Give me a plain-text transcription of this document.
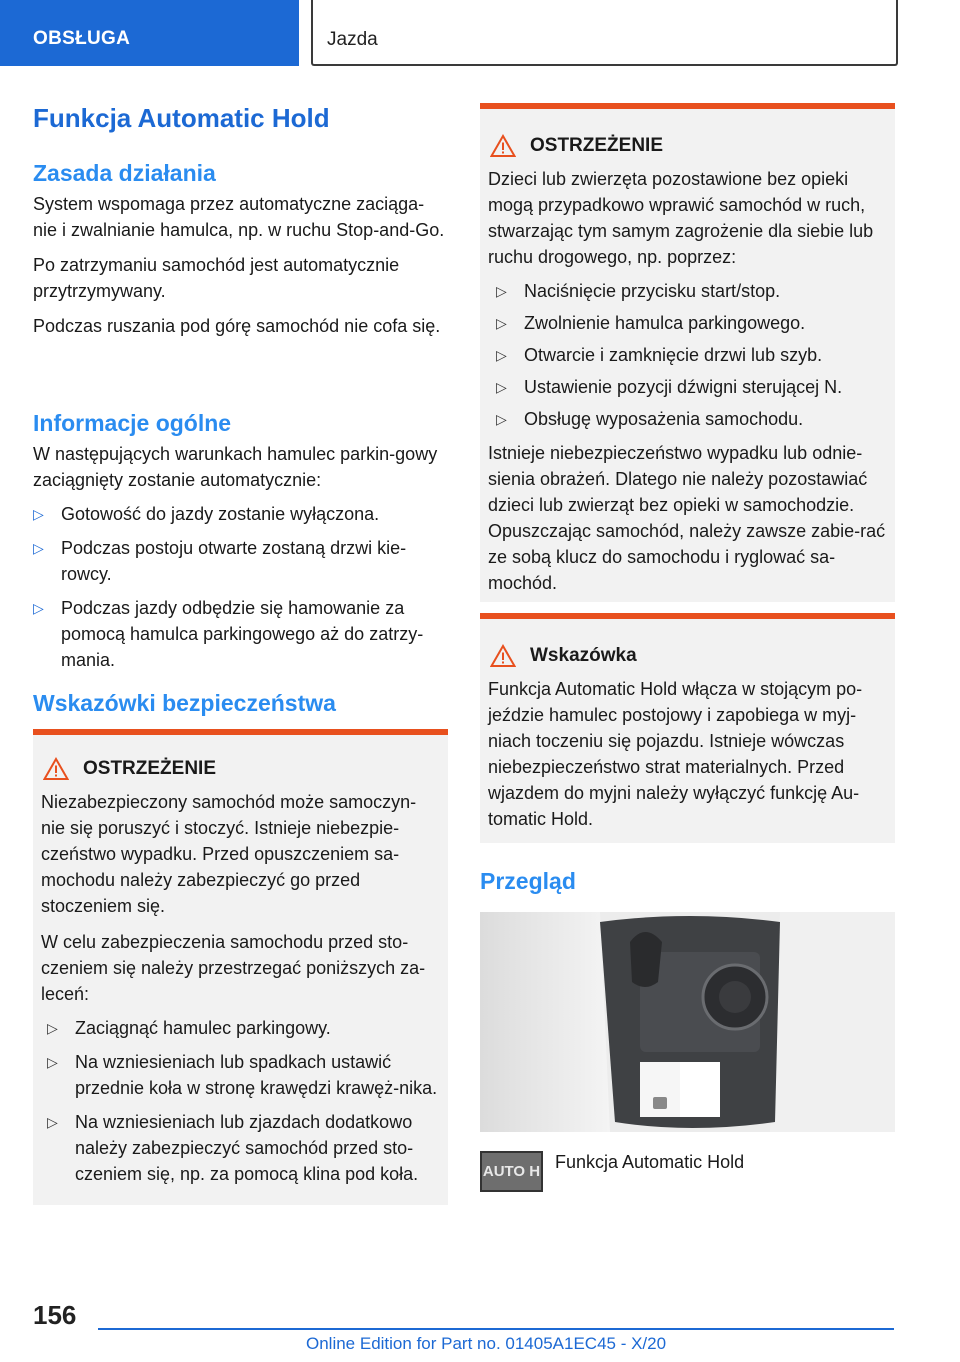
OBSŁUGA	Jazda
Funkcja Automatic Hold
Zasada działania

System wspomaga przez automatyczne zaciąga-nie i zwalnianie hamulca, np. w ruchu Stop-and-Go.

Po zatrzymaniu samochód jest automatycznie przytrzymywany.

Podczas ruszania pod górę samochód nie cofa się.

Informacje ogólne

W następujących warunkach hamulec parkin-gowy zaciągnięty zostanie automatycznie:

▷ Gotowość do jazdy zostanie wyłączona.
▷ Podczas postoju otwarte zostaną drzwi kie-rowcy.
▷ Podczas jazdy odbędzie się hamowanie za pomocą hamulca parkingowego aż do zatrzy-mania.
Wskazówki bezpieczeństwa
OSTRZEŻENIE

Niezabezpieczony samochód może samoczyn-nie się poruszyć i stoczyć. Istnieje niebezpie-czeństwo wypadku. Przed opuszczeniem sa-mochodu należy zabezpieczyć go przed stoczeniem się.

W celu zabezpieczenia samochodu przed sto-czeniem się należy przestrzegać poniższych za-leceń:

▷ Zaciągnąć hamulec parkingowy.
▷ Na wzniesieniach lub spadkach ustawić przednie koła w stronę krawędzi krawęż-nika.
▷ Na wzniesieniach lub zjazdach dodatkowo należy zabezpieczyć samochód przed sto-czeniem się, np. za pomocą klina pod koła.
OSTRZEŻENIE

Dzieci lub zwierzęta pozostawione bez opieki mogą przypadkowo wprawić samochód w ruch, stwarzając tym samym zagrożenie dla siebie lub ruchu drogowego, np. poprzez:

▷ Naciśnięcie przycisku start/stop.
▷ Zwolnienie hamulca parkingowego.
▷ Otwarcie i zamknięcie drzwi lub szyb.
▷ Ustawienie pozycji dźwigni sterującej N.
▷ Obsługę wyposażenia samochodu.

Istnieje niebezpieczeństwo wypadku lub odnie-sienia obrażeń. Dlatego nie należy pozostawiać dzieci lub zwierząt bez opieki w samochodzie. Opuszczając samochód, należy zawsze zabie-rać ze sobą klucz do samochodu i ryglować sa-mochód.

Wskazówka

Funkcja Automatic Hold włącza w stojącym po-jeździe hamulec postojowy i zapobiega w myj-niach toczeniu się pojazdu. Istnieje wówczas niebezpieczeństwo strat materialnych. Przed wjazdem do myjni należy wyłączyć funkcję Au-tomatic Hold.

Przegląd
AUTO H Funkcja Automatic Hold

156
Online Edition for Part no. 01405A1EC45 - X/20
